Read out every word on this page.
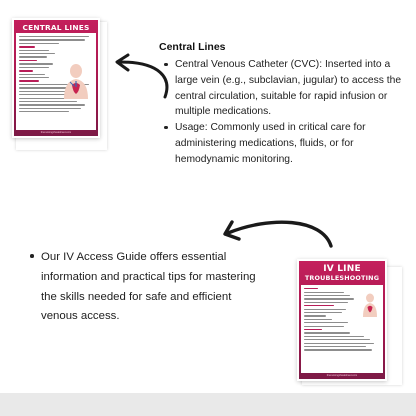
CENTRAL LINES
thenursingcheatsheet.com
Central Lines
Central Venous Catheter (CVC): Inserted into a large vein (e.g., subclavian, jugular) to access the central circulation, suitable for rapid infusion or multiple medications.
Usage: Commonly used in critical care for administering medications, fluids, or for hemodynamic monitoring.
Our IV Access Guide offers essential information and practical tips for mastering the skills needed for safe and efficient venous access.
IV LINE
TROUBLESHOOTING
thenursingcheatsheet.com
